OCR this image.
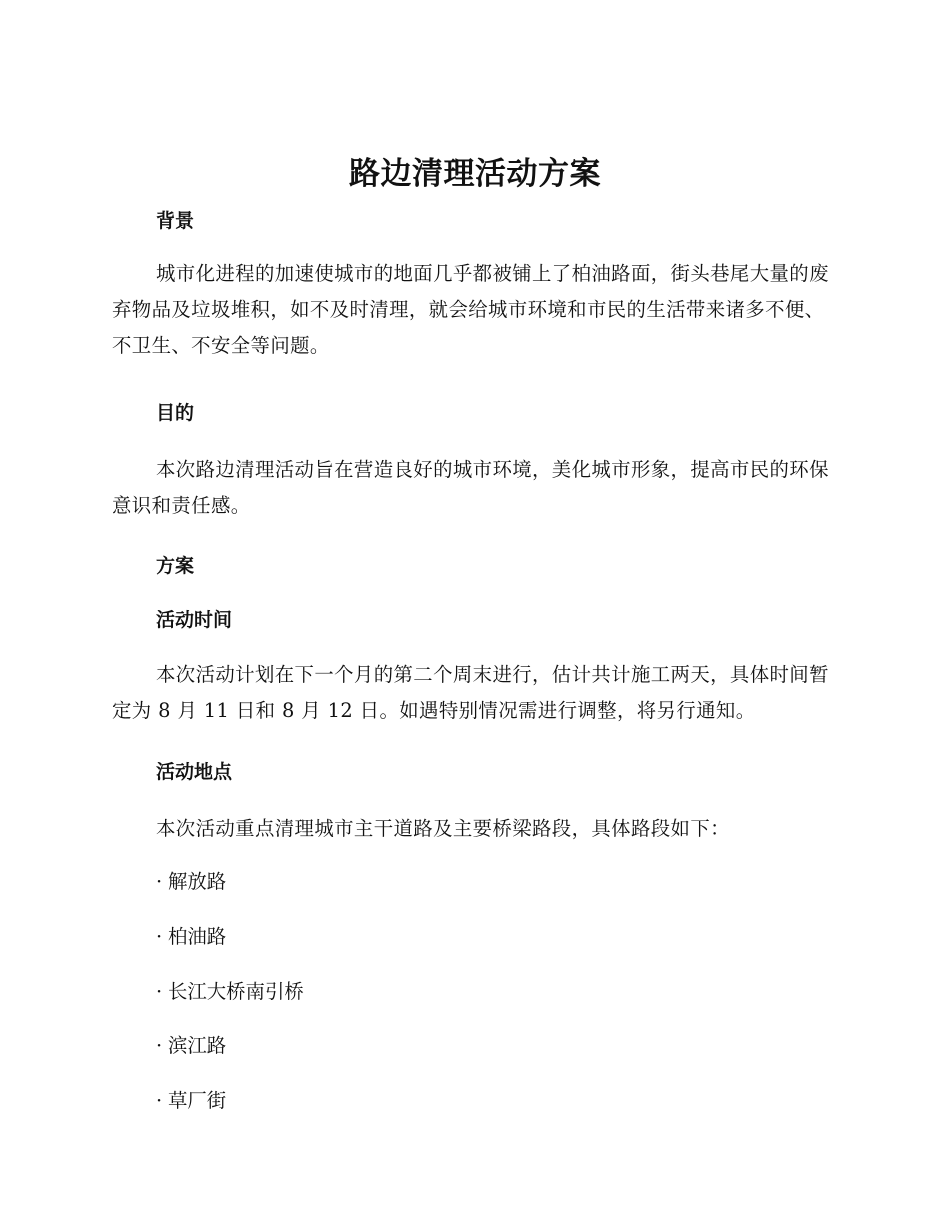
路边清理活动方案
背景
城市化进程的加速使城市的地面几乎都被铺上了柏油路面，街头巷尾大量的废弃物品及垃圾堆积，如不及时清理，就会给城市环境和市民的生活带来诸多不便、不卫生、不安全等问题。
目的
本次路边清理活动旨在营造良好的城市环境，美化城市形象，提高市民的环保意识和责任感。
方案
活动时间
本次活动计划在下一个月的第二个周末进行，估计共计施工两天，具体时间暂定为 8 月 11 日和 8 月 12 日。如遇特别情况需进行调整，将另行通知。
活动地点
本次活动重点清理城市主干道路及主要桥梁路段，具体路段如下：
· 解放路
· 柏油路
· 长江大桥南引桥
· 滨江路
· 草厂街
